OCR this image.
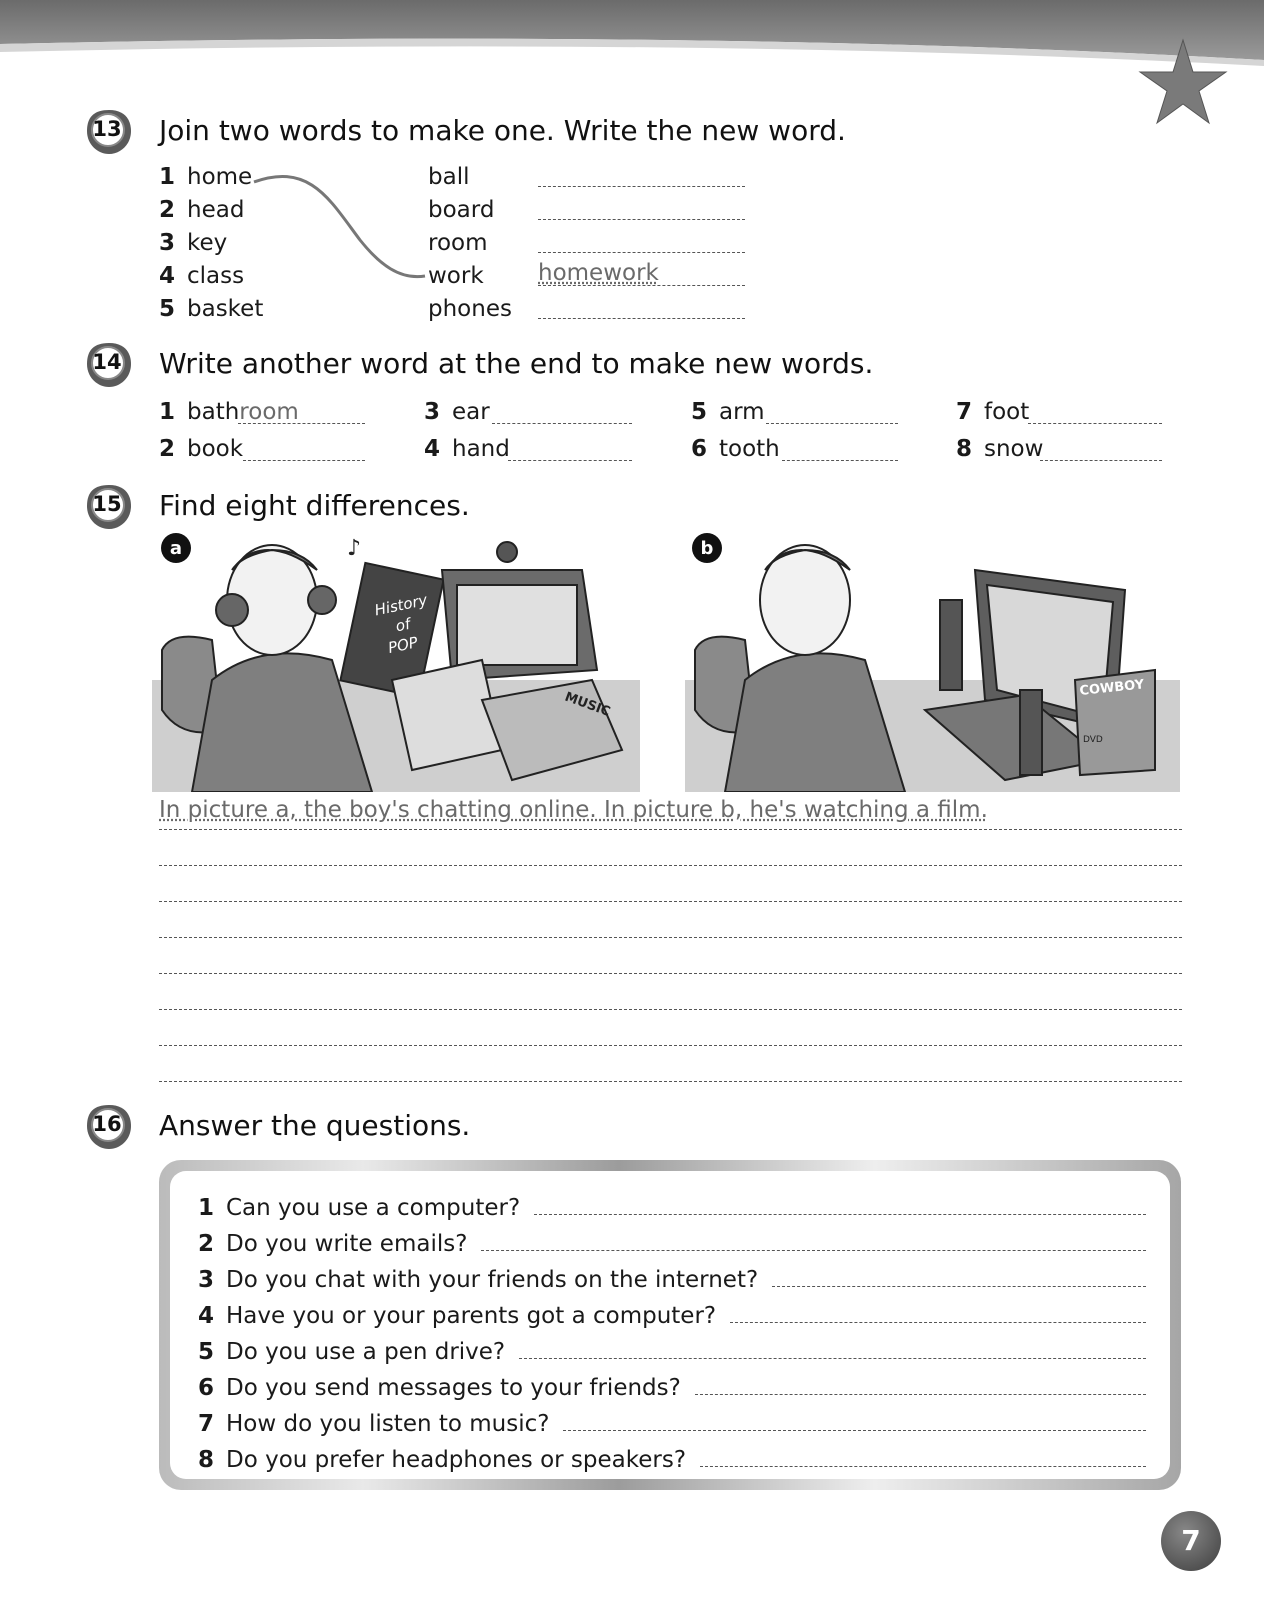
13 Join two words to make one. Write the new word.
1 home
2 head
3 key
4 class
5 basket
ball
board
room
work
phones
homework
14 Write another word at the end to make new words.
1 bathroom
2 book
3 ear
4 hand
5 arm
6 tooth
7 foot
8 snow
15 Find eight differences.
a	♪
History
of
POP
MUSIC
b
COWBOY
DVD
In picture a, the boy's chatting online. In picture b, he's watching a film.
16 Answer the questions.
1 Can you use a computer?
2 Do you write emails?
3 Do you chat with your friends on the internet?
4 Have you or your parents got a computer?
5 Do you use a pen drive?
6 Do you send messages to your friends?
7 How do you listen to music?
8 Do you prefer headphones or speakers?
7
